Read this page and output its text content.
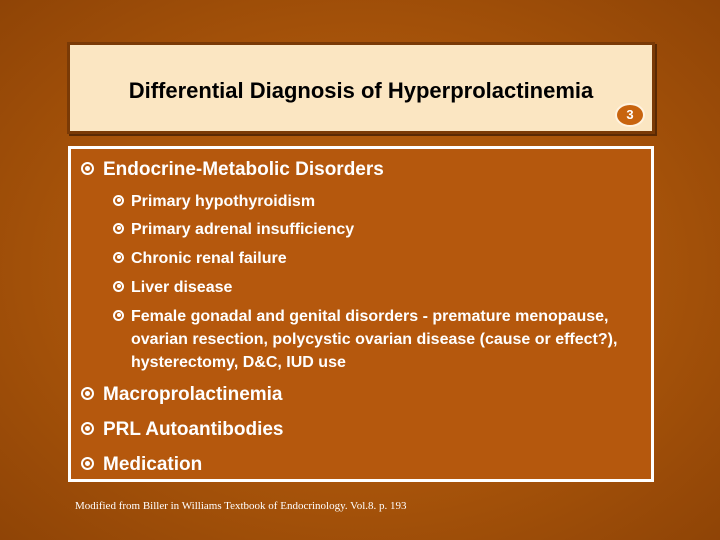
Differential Diagnosis of Hyperprolactinemia
3
Endocrine-Metabolic Disorders
Primary hypothyroidism
Primary adrenal insufficiency
Chronic renal failure
Liver disease
Female gonadal and genital disorders - premature menopause, ovarian resection, polycystic ovarian disease (cause or effect?), hysterectomy, D&C, IUD use
Macroprolactinemia
PRL Autoantibodies
Medication
Modified from Biller in Williams Textbook of Endocrinology. Vol.8. p. 193
